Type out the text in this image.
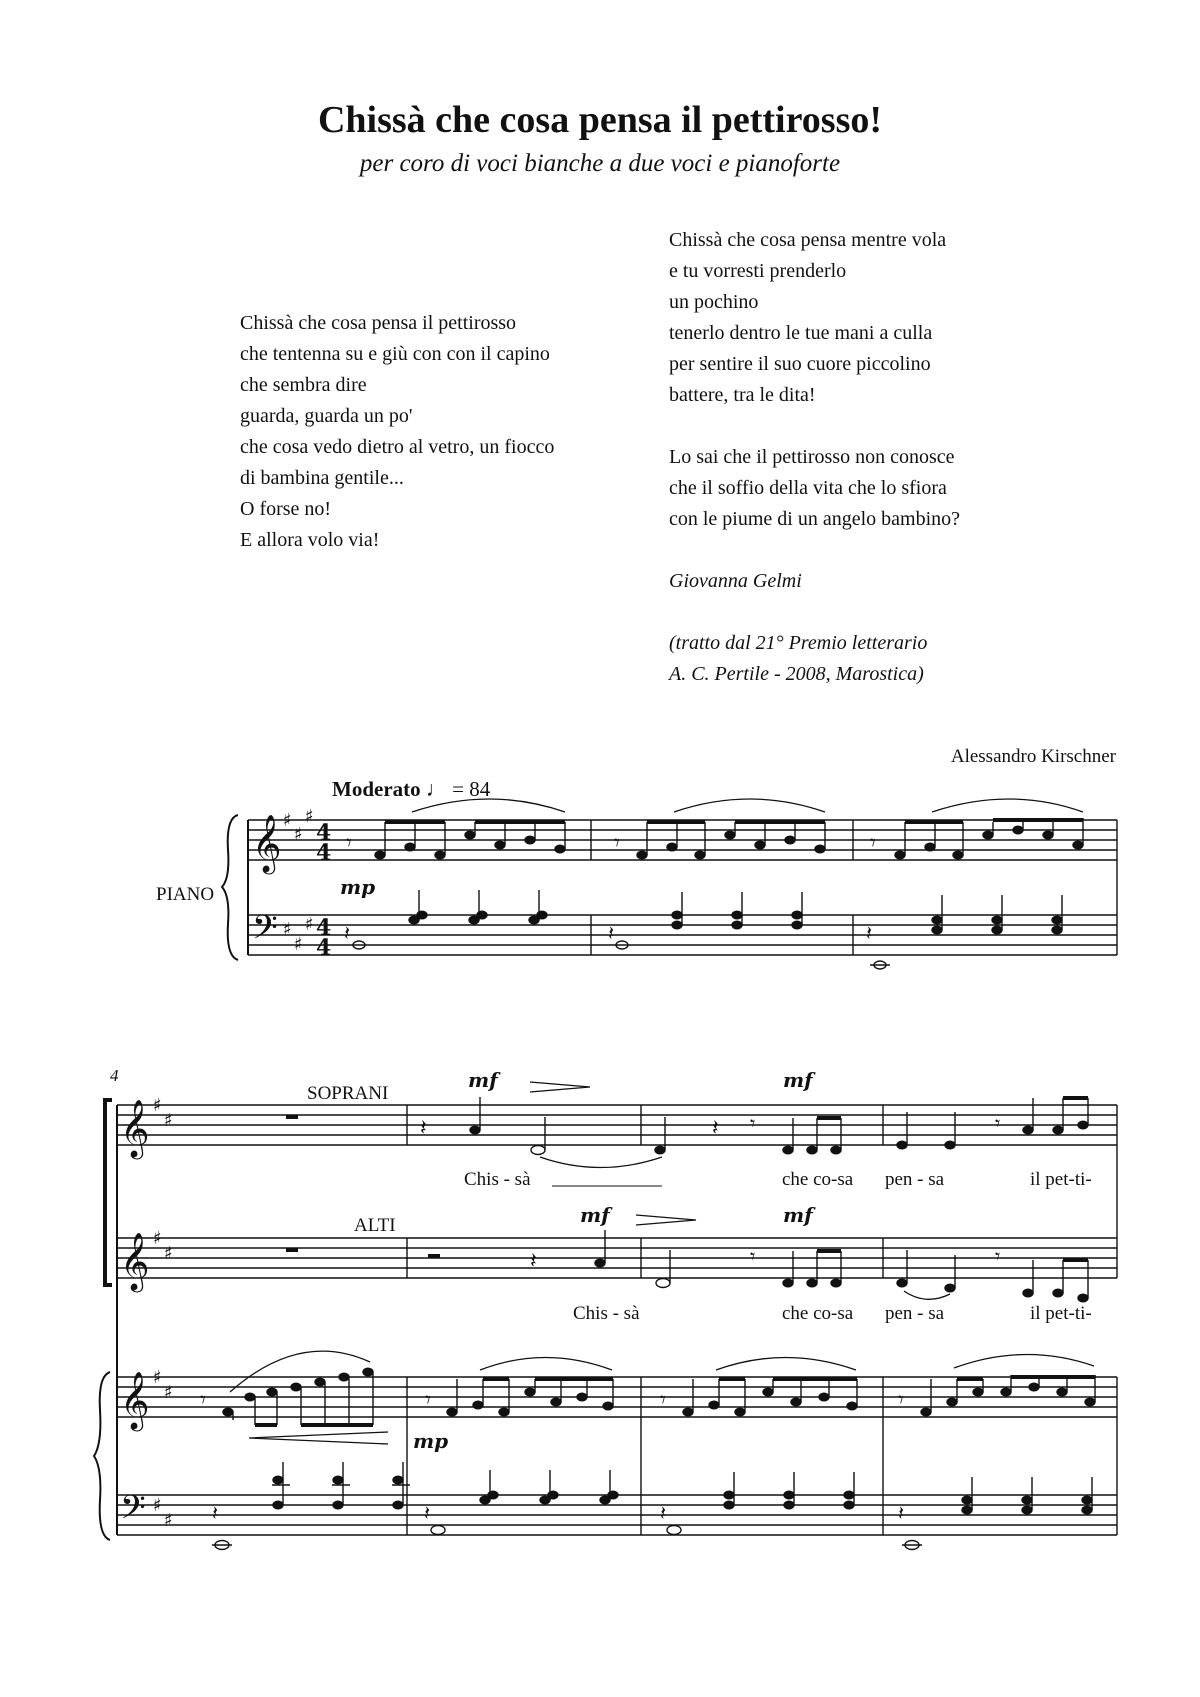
Chissà che cosa pensa il pettirosso!
per coro di voci bianche a due voci e pianoforte
Chissà che cosa pensa il pettirosso
che tentenna su e giù con con il capino
che sembra dire
guarda, guarda un po'
che cosa vedo dietro al vetro, un fiocco
di bambina gentile...
O forse no!
E allora volo via!
Chissà che cosa pensa mentre vola
e tu vorresti prenderlo
un pochino
tenerlo dentro le tue mani a culla
per sentire il suo cuore piccolino
battere, tra le dita!
Lo sai che il pettirosso non conosce
che il soffio della vita che lo sfiora
con le piume di un angelo bambino?
Giovanna Gelmi
(tratto dal 21° Premio letterario
A. C. Pertile - 2008, Marostica)
Alessandro Kirschner
Moderato ♩ = 84
PIANO
SOPRANI
ALTI
4
Chis - sà	che co-sa pen - sa	il pet-ti-
Chis - sà	che co-sa pen - sa	il pet-ti-
𝄞
𝄢
♯
♯
♯
♯
♯
♯
4
4
4
4
𝄾	𝄾	𝄾
𝄽	𝄽	𝄽
mp
𝄞
𝄞
𝄞
𝄢
♯
♯
♯
♯
♯
♯
♯
♯
𝄽	𝄽 𝄾	𝄾
𝄽	𝄾	𝄾
mf	mf
mf	mf
mp
𝄾	𝄾	𝄾	𝄾
𝄽	𝄽	𝄽	𝄽
